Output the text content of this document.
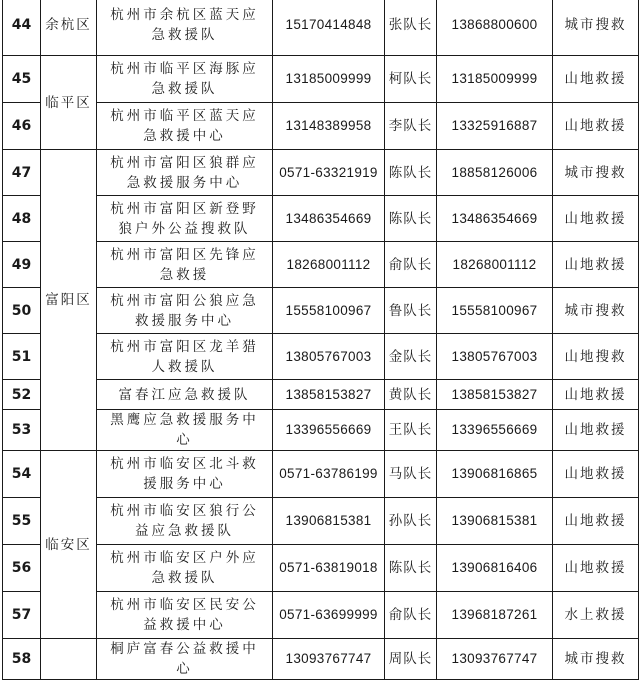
44	余杭区	杭州市余杭区蓝天应急救援队	15170414848	张队长	13868800600	城市搜救
45	临平区	杭州市临平区海豚应急救援队	13185009999	柯队长	13185009999	山地救援
46		杭州市临平区蓝天应急救援中心	13148389958	李队长	13325916887	山地救援
47	富阳区	杭州市富阳区狼群应急救援服务中心	0571-63321919	陈队长	18858126006	城市搜救
48		杭州市富阳区新登野狼户外公益搜救队	13486354669	陈队长	13486354669	山地救援
49		杭州市富阳区先锋应急救援	18268001112	俞队长	18268001112	山地救援
50		杭州市富阳公狼应急救援服务中心	15558100967	鲁队长	15558100967	城市搜救
51		杭州市富阳区龙羊猎人救援队	13805767003	金队长	13805767003	山地搜救
52		富春江应急救援队	13858153827	黄队长	13858153827	山地救援
53		黑鹰应急救援服务中心	13396556669	王队长	13396556669	山地救援
54	临安区	杭州市临安区北斗救援服务中心	0571-63786199	马队长	13906816865	山地救援
55		杭州市临安区狼行公益应急救援队	13906815381	孙队长	13906815381	山地救援
56		杭州市临安区户外应急救援队	0571-63819018	陈队长	13906816406	山地救援
57		杭州市临安区民安公益救援中心	0571-63699999	俞队长	13968187261	水上救援
58		桐庐富春公益救援中心	13093767747	周队长	13093767747	城市搜救
